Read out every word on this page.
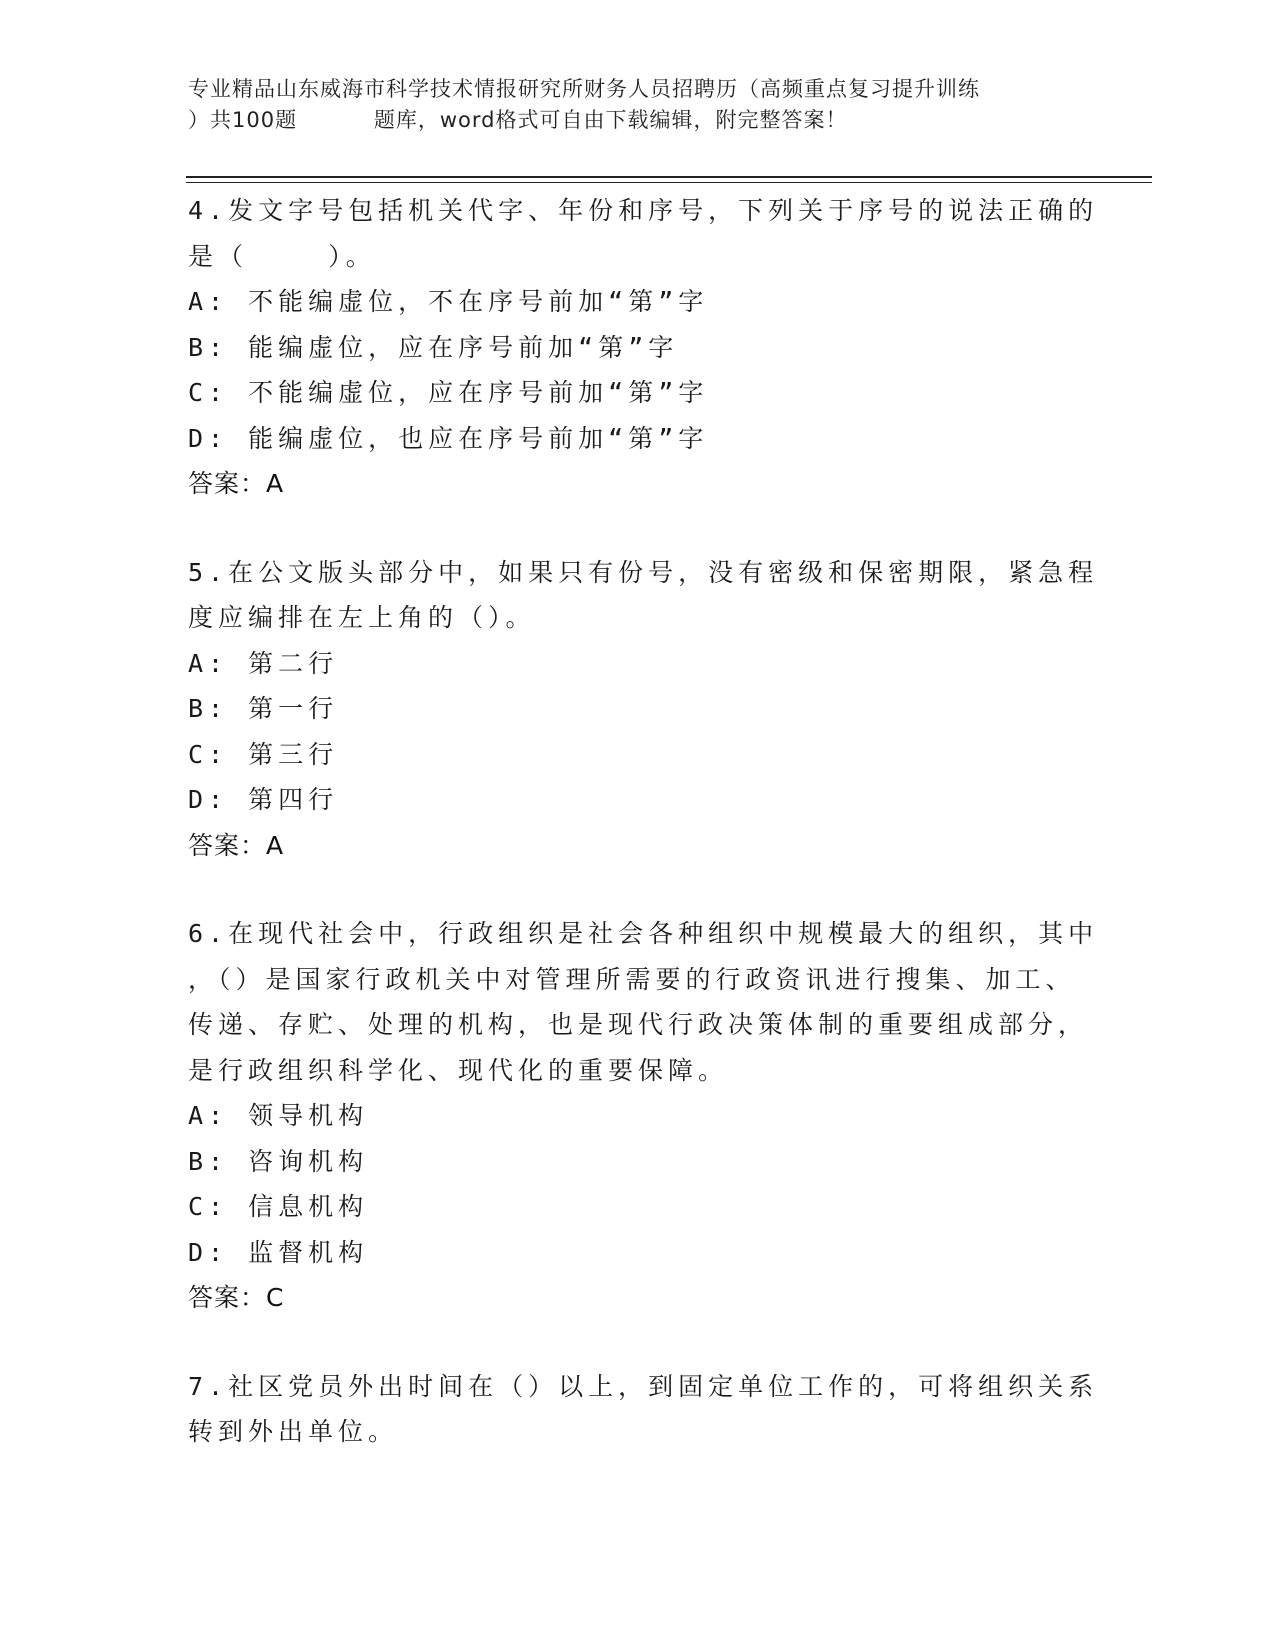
专业精品山东威海市科学技术情报研究所财务人员招聘历（高频重点复习提升训练
）共100题          题库，word格式可自由下载编辑，附完整答案！
4.发文字号包括机关代字、年份和序号，下列关于序号的说法正确的
是（    ）。
A: 不能编虚位，不在序号前加“第”字
B: 能编虚位，应在序号前加“第”字
C: 不能编虚位，应在序号前加“第”字
D: 能编虚位，也应在序号前加“第”字
答案：A
5.在公文版头部分中，如果只有份号，没有密级和保密期限，紧急程
度应编排在左上角的（）。
A: 第二行
B: 第一行
C: 第三行
D: 第四行
答案：A
6.在现代社会中，行政组织是社会各种组织中规模最大的组织，其中
，（）是国家行政机关中对管理所需要的行政资讯进行搜集、加工、
传递、存贮、处理的机构，也是现代行政决策体制的重要组成部分，
是行政组织科学化、现代化的重要保障。
A: 领导机构
B: 咨询机构
C: 信息机构
D: 监督机构
答案：C
7.社区党员外出时间在（）以上，到固定单位工作的，可将组织关系
转到外出单位。
